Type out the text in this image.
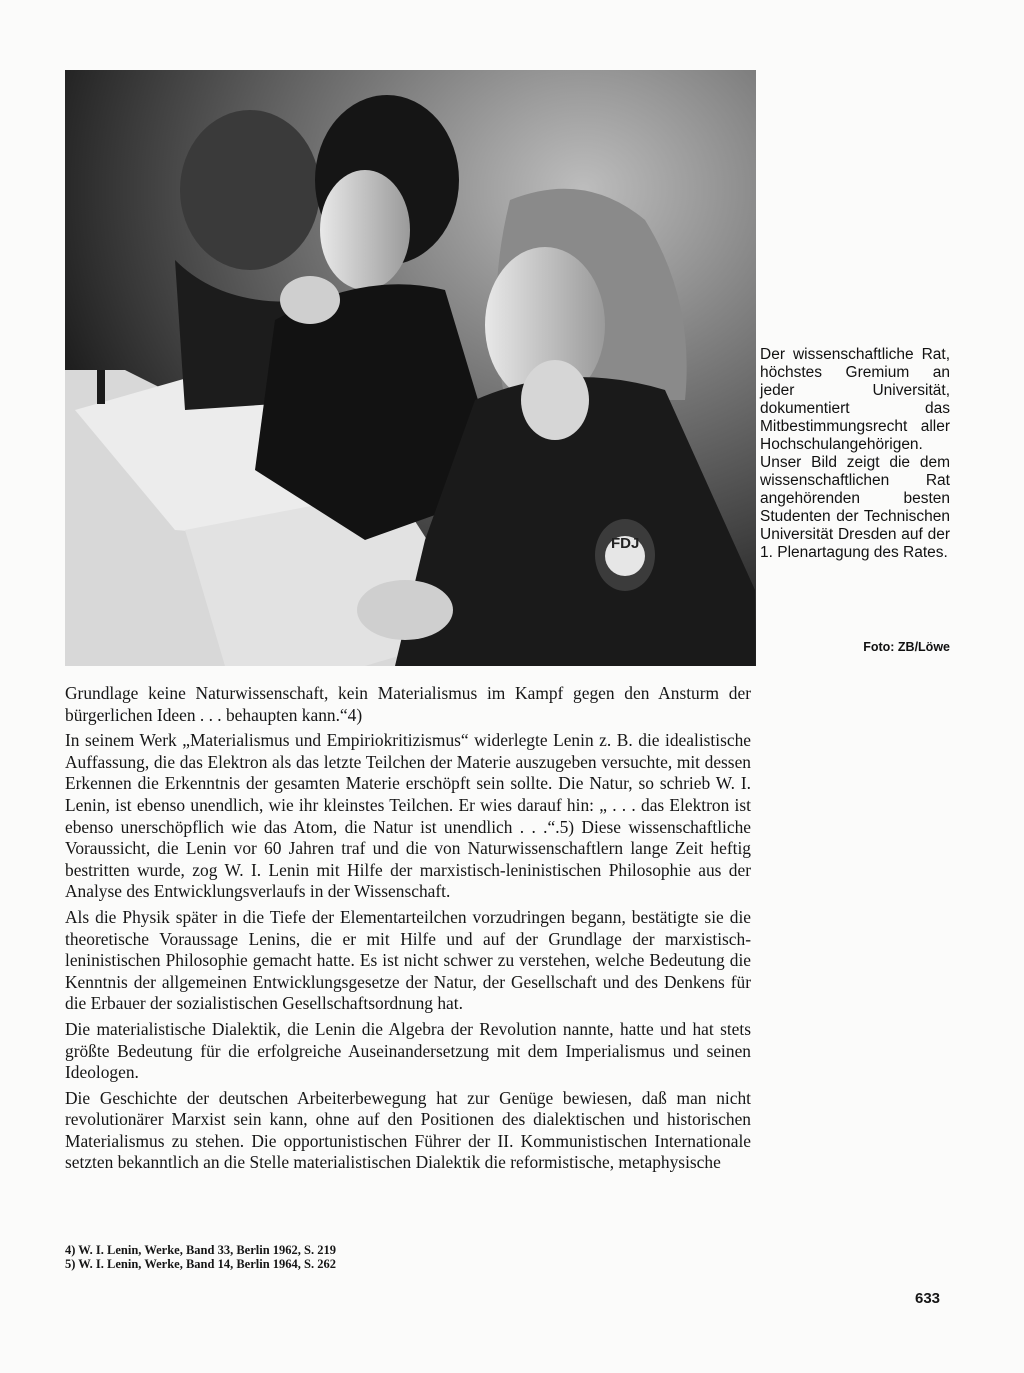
FDJ

Der wissenschaftliche Rat, höchstes Gremium an jeder Universität, dokumentiert das Mitbestimmungsrecht aller Hochschulangehörigen. Unser Bild zeigt die dem wissenschaftlichen Rat angehörenden besten Studenten der Technischen Universität Dresden auf der 1. Plenartagung des Rates.

Foto: ZB/Löwe

Grundlage keine Naturwissenschaft, kein Materialismus im Kampf gegen den Ansturm der bürgerlichen Ideen . . . behaupten kann.“4)

In seinem Werk „Materialismus und Empiriokritizismus“ widerlegte Lenin z. B. die idealistische Auffassung, die das Elektron als das letzte Teilchen der Materie auszugeben versuchte, mit dessen Erkennen die Erkenntnis der gesamten Materie erschöpft sein sollte. Die Natur, so schrieb W. I. Lenin, ist ebenso unendlich, wie ihr kleinstes Teilchen. Er wies darauf hin: „ . . . das Elektron ist ebenso unerschöpflich wie das Atom, die Natur ist unendlich . . .“.5) Diese wissenschaftliche Voraussicht, die Lenin vor 60 Jahren traf und die von Naturwissenschaftlern lange Zeit heftig bestritten wurde, zog W. I. Lenin mit Hilfe der marxistisch-leninistischen Philosophie aus der Analyse des Entwicklungsverlaufs in der Wissenschaft.

Als die Physik später in die Tiefe der Elementarteilchen vorzudringen begann, bestätigte sie die theoretische Voraussage Lenins, die er mit Hilfe und auf der Grundlage der marxistisch-leninistischen Philosophie gemacht hatte. Es ist nicht schwer zu verstehen, welche Bedeutung die Kenntnis der allgemeinen Entwicklungsgesetze der Natur, der Gesellschaft und des Denkens für die Erbauer der sozialistischen Gesellschaftsordnung hat.

Die materialistische Dialektik, die Lenin die Algebra der Revolution nannte, hatte und hat stets größte Bedeutung für die erfolgreiche Auseinandersetzung mit dem Imperialismus und seinen Ideologen.

Die Geschichte der deutschen Arbeiterbewegung hat zur Genüge bewiesen, daß man nicht revolutionärer Marxist sein kann, ohne auf den Positionen des dialektischen und historischen Materialismus zu stehen. Die opportunistischen Führer der II. Kommunistischen Internationale setzten bekanntlich an die Stelle materialistischen Dialektik die reformistische, metaphysische

4) W. I. Lenin, Werke, Band 33, Berlin 1962, S. 219
5) W. I. Lenin, Werke, Band 14, Berlin 1964, S. 262
633
